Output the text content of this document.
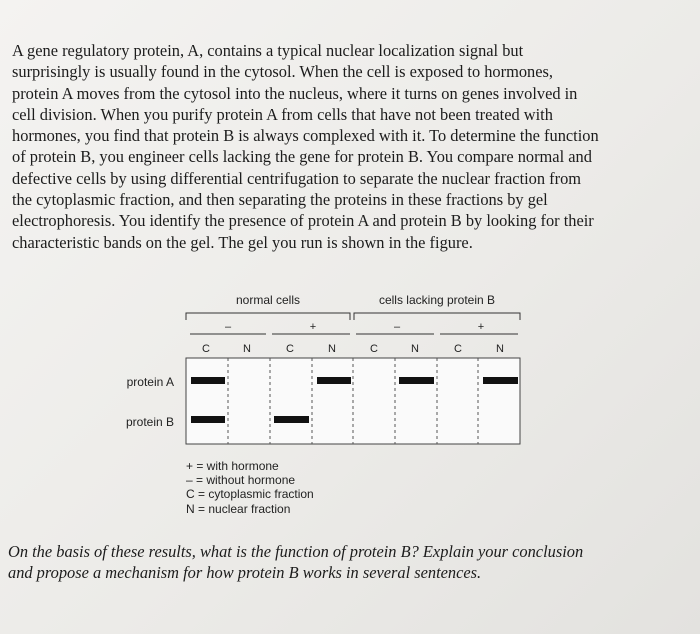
A gene regulatory protein, A, contains a typical nuclear localization signal but
surprisingly is usually found in the cytosol. When the cell is exposed to hormones,
protein A moves from the cytosol into the nucleus, where it turns on genes involved in
cell division. When you purify protein A from cells that have not been treated with
hormones, you find that protein B is always complexed with it. To determine the function
of protein B, you engineer cells lacking the gene for protein B. You compare normal and
defective cells by using differential centrifugation to separate the nuclear fraction from
the cytoplasmic fraction, and then separating the proteins in these fractions by gel
electrophoresis. You identify the presence of protein A and protein B by looking for their
characteristic bands on the gel. The gel you run is shown in the figure.
normal cells	cells lacking protein B
–	+	–	+
C	N	C	N	C	N	C	N
protein A
protein B
+ = with hormone
– = without hormone
C = cytoplasmic fraction
N = nuclear fraction
On the basis of these results, what is the function of protein B? Explain your conclusion
and propose a mechanism for how protein B works in several sentences.
